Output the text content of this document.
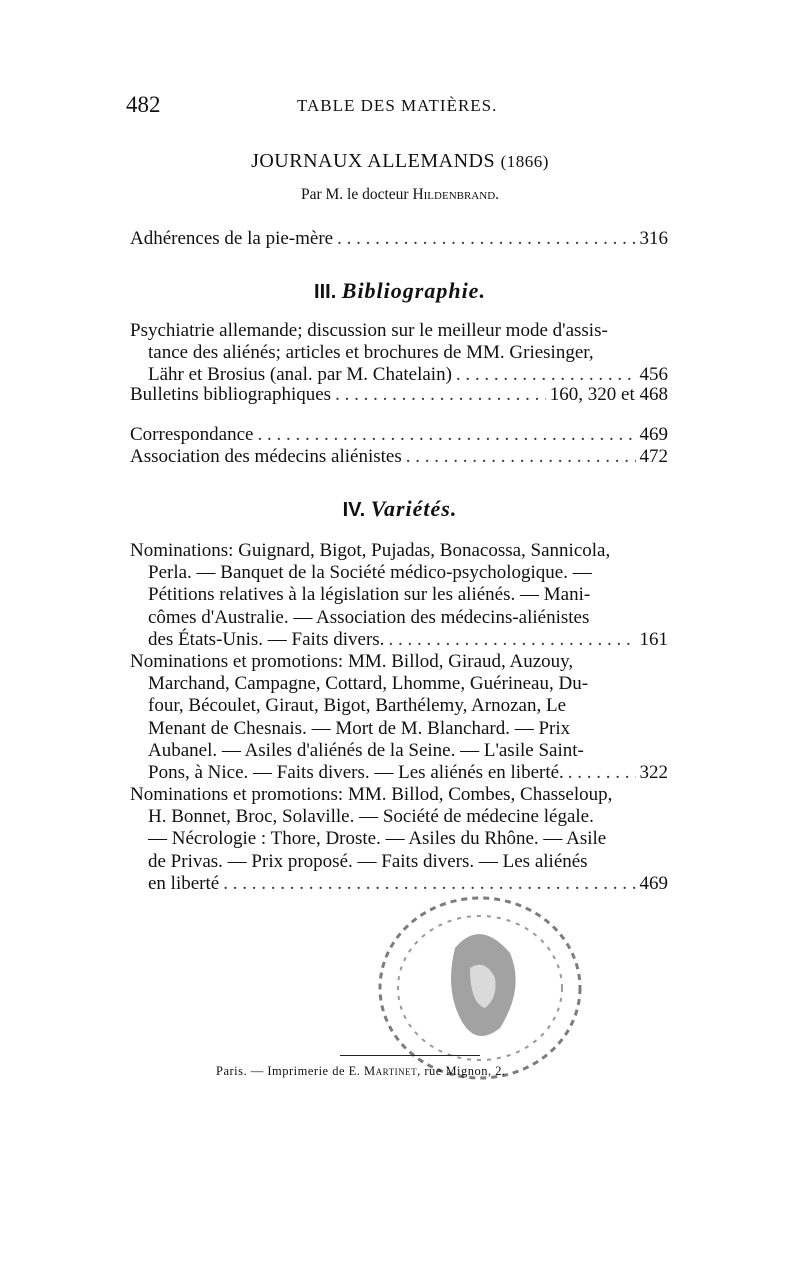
482	TABLE DES MATIÈRES.
JOURNAUX ALLEMANDS (1866)
Par M. le docteur Hildenbrand.
Adhérences de la pie-mère . . .	316
III. Bibliographie.
Psychiatrie allemande; discussion sur le meilleur mode d'assis-
tance des aliénés; articles et brochures de MM. Griesinger,
Lähr et Brosius (anal. par M. Chatelain) . . .	456
Bulletins bibliographiques . . .	160, 320 et 468
Correspondance . . .	469
Association des médecins aliénistes . . .	472
IV. Variétés.
Nominations: Guignard, Bigot, Pujadas, Bonacossa, Sannicola,
Perla. — Banquet de la Société médico-psychologique. —
Pétitions relatives à la législation sur les aliénés. — Mani-
cômes d'Australie. — Association des médecins-aliénistes
des États-Unis. — Faits divers. . . .	161
Nominations et promotions: MM. Billod, Giraud, Auzouy,
Marchand, Campagne, Cottard, Lhomme, Guérineau, Du-
four, Bécoulet, Giraut, Bigot, Barthélemy, Arnozan, Le
Menant de Chesnais. — Mort de M. Blanchard. — Prix
Aubanel. — Asiles d'aliénés de la Seine. — L'asile Saint-
Pons, à Nice. — Faits divers. — Les aliénés en liberté. . . .	322
Nominations et promotions: MM. Billod, Combes, Chasseloup,
H. Bonnet, Broc, Solaville. — Société de médecine légale.
— Nécrologie : Thore, Droste. — Asiles du Rhône. — Asile
de Privas. — Prix proposé. — Faits divers. — Les aliénés
en liberté . . .	469
Paris. — Imprimerie de E. Martinet, rue Mignon, 2.
